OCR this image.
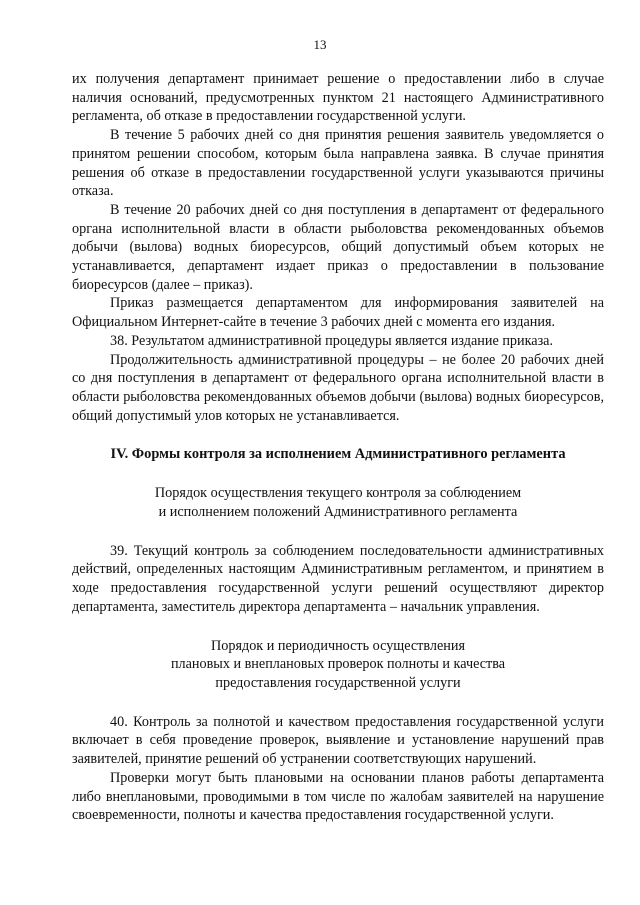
13

их получения департамент принимает решение о предоставлении либо в случае наличия оснований, предусмотренных пунктом 21 настоящего Административного регламента, об отказе в предоставлении государственной услуги.

В течение 5 рабочих дней со дня принятия решения заявитель уведомляется о принятом решении способом, которым была направлена заявка. В случае принятия решения об отказе в предоставлении государственной услуги указываются причины отказа.

В течение 20 рабочих дней со дня поступления в департамент от федерального органа исполнительной власти в области рыболовства рекомендованных объемов добычи (вылова) водных биоресурсов, общий допустимый объем которых не устанавливается, департамент издает приказ о предоставлении в пользование биоресурсов (далее – приказ).

Приказ размещается департаментом для информирования заявителей на Официальном Интернет-сайте в течение 3 рабочих дней с момента его издания.

38. Результатом административной процедуры является издание приказа.

Продолжительность административной процедуры – не более 20 рабочих дней со дня поступления в департамент от федерального органа исполнительной власти в области рыболовства рекомендованных объемов добычи (вылова) водных биоресурсов, общий допустимый улов которых не устанавливается.

IV. Формы контроля за исполнением Административного регламента

Порядок осуществления текущего контроля за соблюдением
и исполнением положений Административного регламента

39. Текущий контроль за соблюдением последовательности административных действий, определенных настоящим Административным регламентом, и принятием в ходе предоставления государственной услуги решений осуществляют директор департамента, заместитель директора департамента – начальник управления.

Порядок и периодичность осуществления
плановых и внеплановых проверок полноты и качества
предоставления государственной услуги

40. Контроль за полнотой и качеством предоставления государственной услуги включает в себя проведение проверок, выявление и установление нарушений прав заявителей, принятие решений об устранении соответствующих нарушений.

Проверки могут быть плановыми на основании планов работы департамента либо внеплановыми, проводимыми в том числе по жалобам заявителей на нарушение своевременности, полноты и качества предоставления государственной услуги.
